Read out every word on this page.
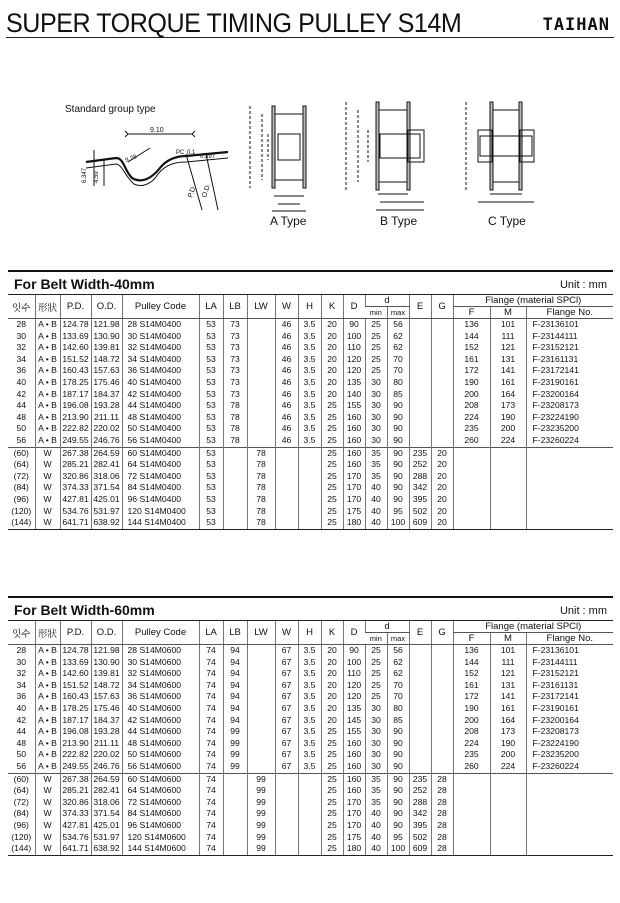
SUPER TORQUE TIMING PULLEY S14M	TAIHAN
Standard group type
9.10
6.347 4.59
9.28
PC 0.1
0.397
P.D. O.D.
A Type	B Type	C Type
For Belt Width-40mm	Unit : mm
잇수	形狀	P.D.	O.D.	Pulley Code	LA	LB	LW	W	H	K	D	d		E	G	Flange (material SPCl)		
												min	max			F	M	Flange No.
28	A • B	124.78	121.98	28 S14M0400	53	73		46	3.5	20	90	25	56			136	101	F-23136101
30	A • B	133.69	130.90	30 S14M0400	53	73		46	3.5	20	100	25	62			144	111	F-23144111
32	A • B	142.60	139.81	32 S14M0400	53	73		46	3.5	20	110	25	62			152	121	F-23152121
34	A • B	151.52	148.72	34 S14M0400	53	73		46	3.5	20	120	25	70			161	131	F-23161131
36	A • B	160.43	157.63	36 S14M0400	53	73		46	3.5	20	120	25	70			172	141	F-23172141
40	A • B	178.25	175.46	40 S14M0400	53	73		46	3.5	20	135	30	80			190	161	F-23190161
42	A • B	187.17	184.37	42 S14M0400	53	73		46	3.5	20	140	30	85			200	164	F-23200164
44	A • B	196.08	193.28	44 S14M0400	53	78		46	3.5	25	155	30	90			208	173	F-23208173
48	A • B	213.90	211.11	48 S14M0400	53	78		46	3.5	25	160	30	90			224	190	F-23224190
50	A • B	222.82	220.02	50 S14M0400	53	78		46	3.5	25	160	30	90			235	200	F-23235200
56	A • B	249.55	246.76	56 S14M0400	53	78		46	3.5	25	160	30	90			260	224	F-23260224
(60)	W	267.38	264.59	60 S14M0400	53		78			25	160	35	90	235	20			
(64)	W	285.21	282.41	64 S14M0400	53		78			25	160	35	90	252	20			
(72)	W	320.86	318.06	72 S14M0400	53		78			25	170	35	90	288	20			
(84)	W	374.33	371.54	84 S14M0400	53		78			25	170	40	90	342	20			
(96)	W	427.81	425.01	96 S14M0400	53		78			25	170	40	90	395	20			
(120)	W	534.76	531.97	120 S14M0400	53		78			25	175	40	95	502	20			
(144)	W	641.71	638.92	144 S14M0400	53		78			25	180	40	100	609	20			
For Belt Width-60mm	Unit : mm
잇수	形狀	P.D.	O.D.	Pulley Code	LA	LB	LW	W	H	K	D	d		E	G	Flange (material SPCl)		
												min	max			F	M	Flange No.
28	A • B	124.78	121.98	28 S14M0600	74	94		67	3.5	20	90	25	56			136	101	F-23136101
30	A • B	133.69	130.90	30 S14M0600	74	94		67	3.5	20	100	25	62			144	111	F-23144111
32	A • B	142.60	139.81	32 S14M0600	74	94		67	3.5	20	110	25	62			152	121	F-23152121
34	A • B	151.52	148.72	34 S14M0600	74	94		67	3.5	20	120	25	70			161	131	F-23161131
36	A • B	160.43	157.63	36 S14M0600	74	94		67	3.5	20	120	25	70			172	141	F-23172141
40	A • B	178.25	175.46	40 S14M0600	74	94		67	3.5	20	135	30	80			190	161	F-23190161
42	A • B	187.17	184.37	42 S14M0600	74	94		67	3.5	20	145	30	85			200	164	F-23200164
44	A • B	196.08	193.28	44 S14M0600	74	99		67	3.5	25	155	30	90			208	173	F-23208173
48	A • B	213.90	211.11	48 S14M0600	74	99		67	3.5	25	160	30	90			224	190	F-23224190
50	A • B	222.82	220.02	50 S14M0600	74	99		67	3.5	25	160	30	90			235	200	F-23235200
56	A • B	249.55	246.76	56 S14M0600	74	99		67	3.5	25	160	30	90			260	224	F-23260224
(60)	W	267.38	264.59	60 S14M0600	74		99			25	160	35	90	235	28			
(64)	W	285.21	282.41	64 S14M0600	74		99			25	160	35	90	252	28			
(72)	W	320.86	318.06	72 S14M0600	74		99			25	170	35	90	288	28			
(84)	W	374.33	371.54	84 S14M0600	74		99			25	170	40	90	342	28			
(96)	W	427.81	425.01	96 S14M0600	74		99			25	170	40	90	395	28			
(120)	W	534.76	531.97	120 S14M0600	74		99			25	175	40	95	502	28			
(144)	W	641.71	638.92	144 S14M0600	74		99			25	180	40	100	609	28			
